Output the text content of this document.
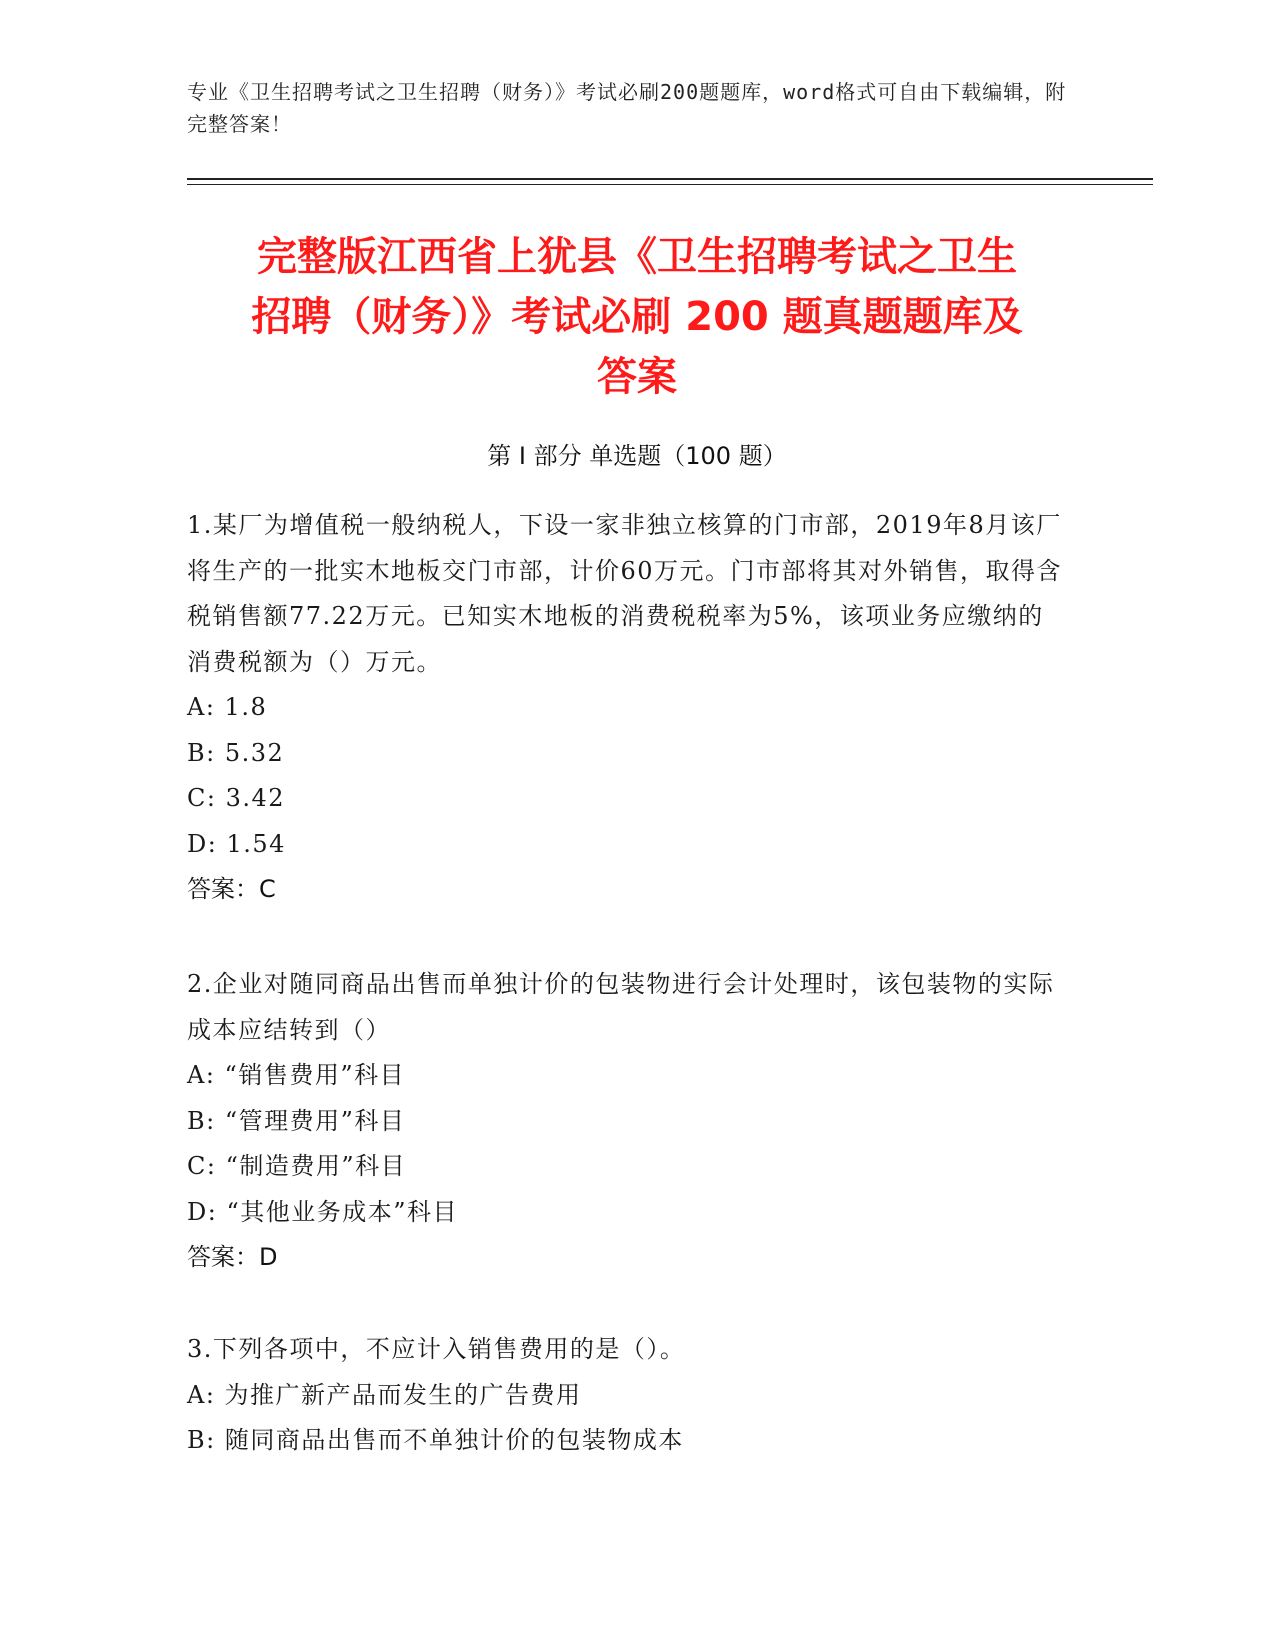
专业《卫生招聘考试之卫生招聘（财务）》考试必刷200题题库，word格式可自由下载编辑，附完整答案！
完整版江西省上犹县《卫生招聘考试之卫生
招聘（财务）》考试必刷 200 题真题题库及
答案
第 I 部分 单选题（100 题）

1.某厂为增值税一般纳税人，下设一家非独立核算的门市部，2019年8月该厂将生产的一批实木地板交门市部，计价60万元。门市部将其对外销售，取得含税销售额77.22万元。已知实木地板的消费税税率为5%，该项业务应缴纳的消费税额为（）万元。

A: 1.8

B: 5.32

C: 3.42

D: 1.54

答案：C

2.企业对随同商品出售而单独计价的包装物进行会计处理时，该包装物的实际成本应结转到（）

A: “销售费用”科目

B: “管理费用”科目

C: “制造费用”科目

D: “其他业务成本”科目

答案：D

3.下列各项中，不应计入销售费用的是（）。

A: 为推广新产品而发生的广告费用

B: 随同商品出售而不单独计价的包装物成本
